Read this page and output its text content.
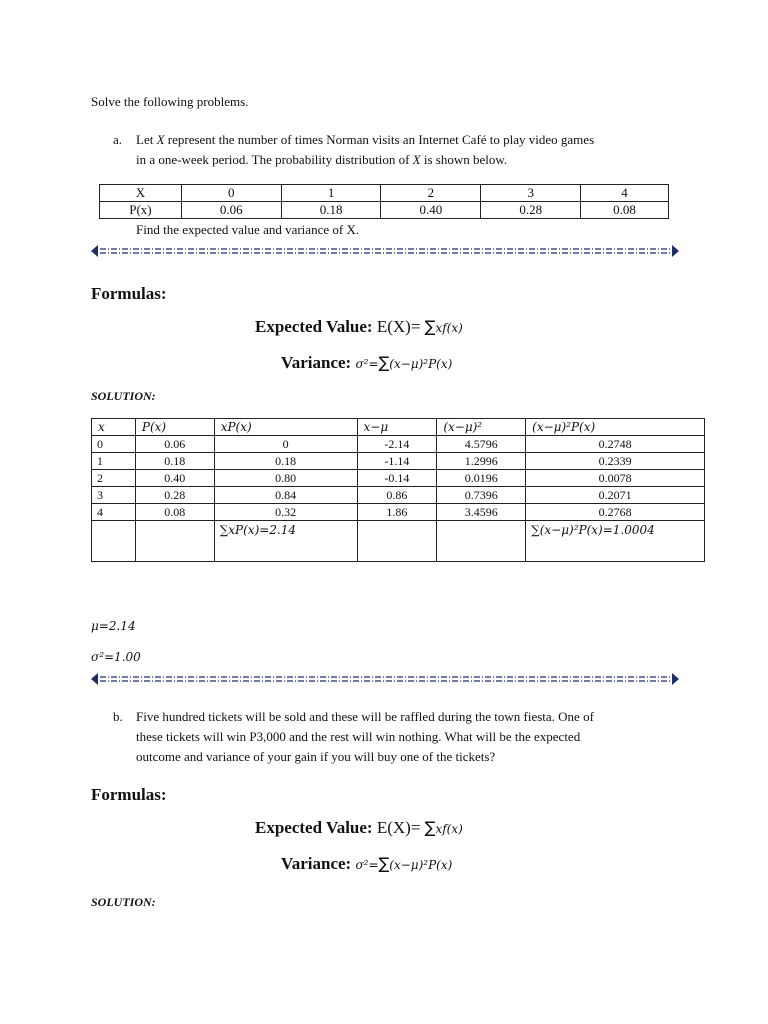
Solve the following problems.
a. Let X represent the number of times Norman visits an Internet Café to play video games
in a one-week period. The probability distribution of X is shown below.
X	0	1	2	3	4
P(x)	0.06	0.18	0.40	0.28	0.08
Find the expected value and variance of X.
Formulas:
Expected Value: E(X)= ∑xf(x)
Variance: σ²=∑(x−μ)²P(x)
SOLUTION:
x	P(x)	xP(x)	x−μ	(x−μ)²	(x−μ)²P(x)
0	0.06	0	-2.14	4.5796	0.2748
1	0.18	0.18	-1.14	1.2996	0.2339
2	0.40	0.80	-0.14	0.0196	0.0078
3	0.28	0.84	0.86	0.7396	0.2071
4	0.08	0.32	1.86	3.4596	0.2768
		∑xP(x)=2.14			∑(x−μ)²P(x)=1.0004
μ=2.14
σ²=1.00
b. Five hundred tickets will be sold and these will be raffled during the town fiesta. One of
these tickets will win P3,000 and the rest will win nothing. What will be the expected
outcome and variance of your gain if you will buy one of the tickets?
Formulas:
Expected Value: E(X)= ∑xf(x)
Variance: σ²=∑(x−μ)²P(x)
SOLUTION:
